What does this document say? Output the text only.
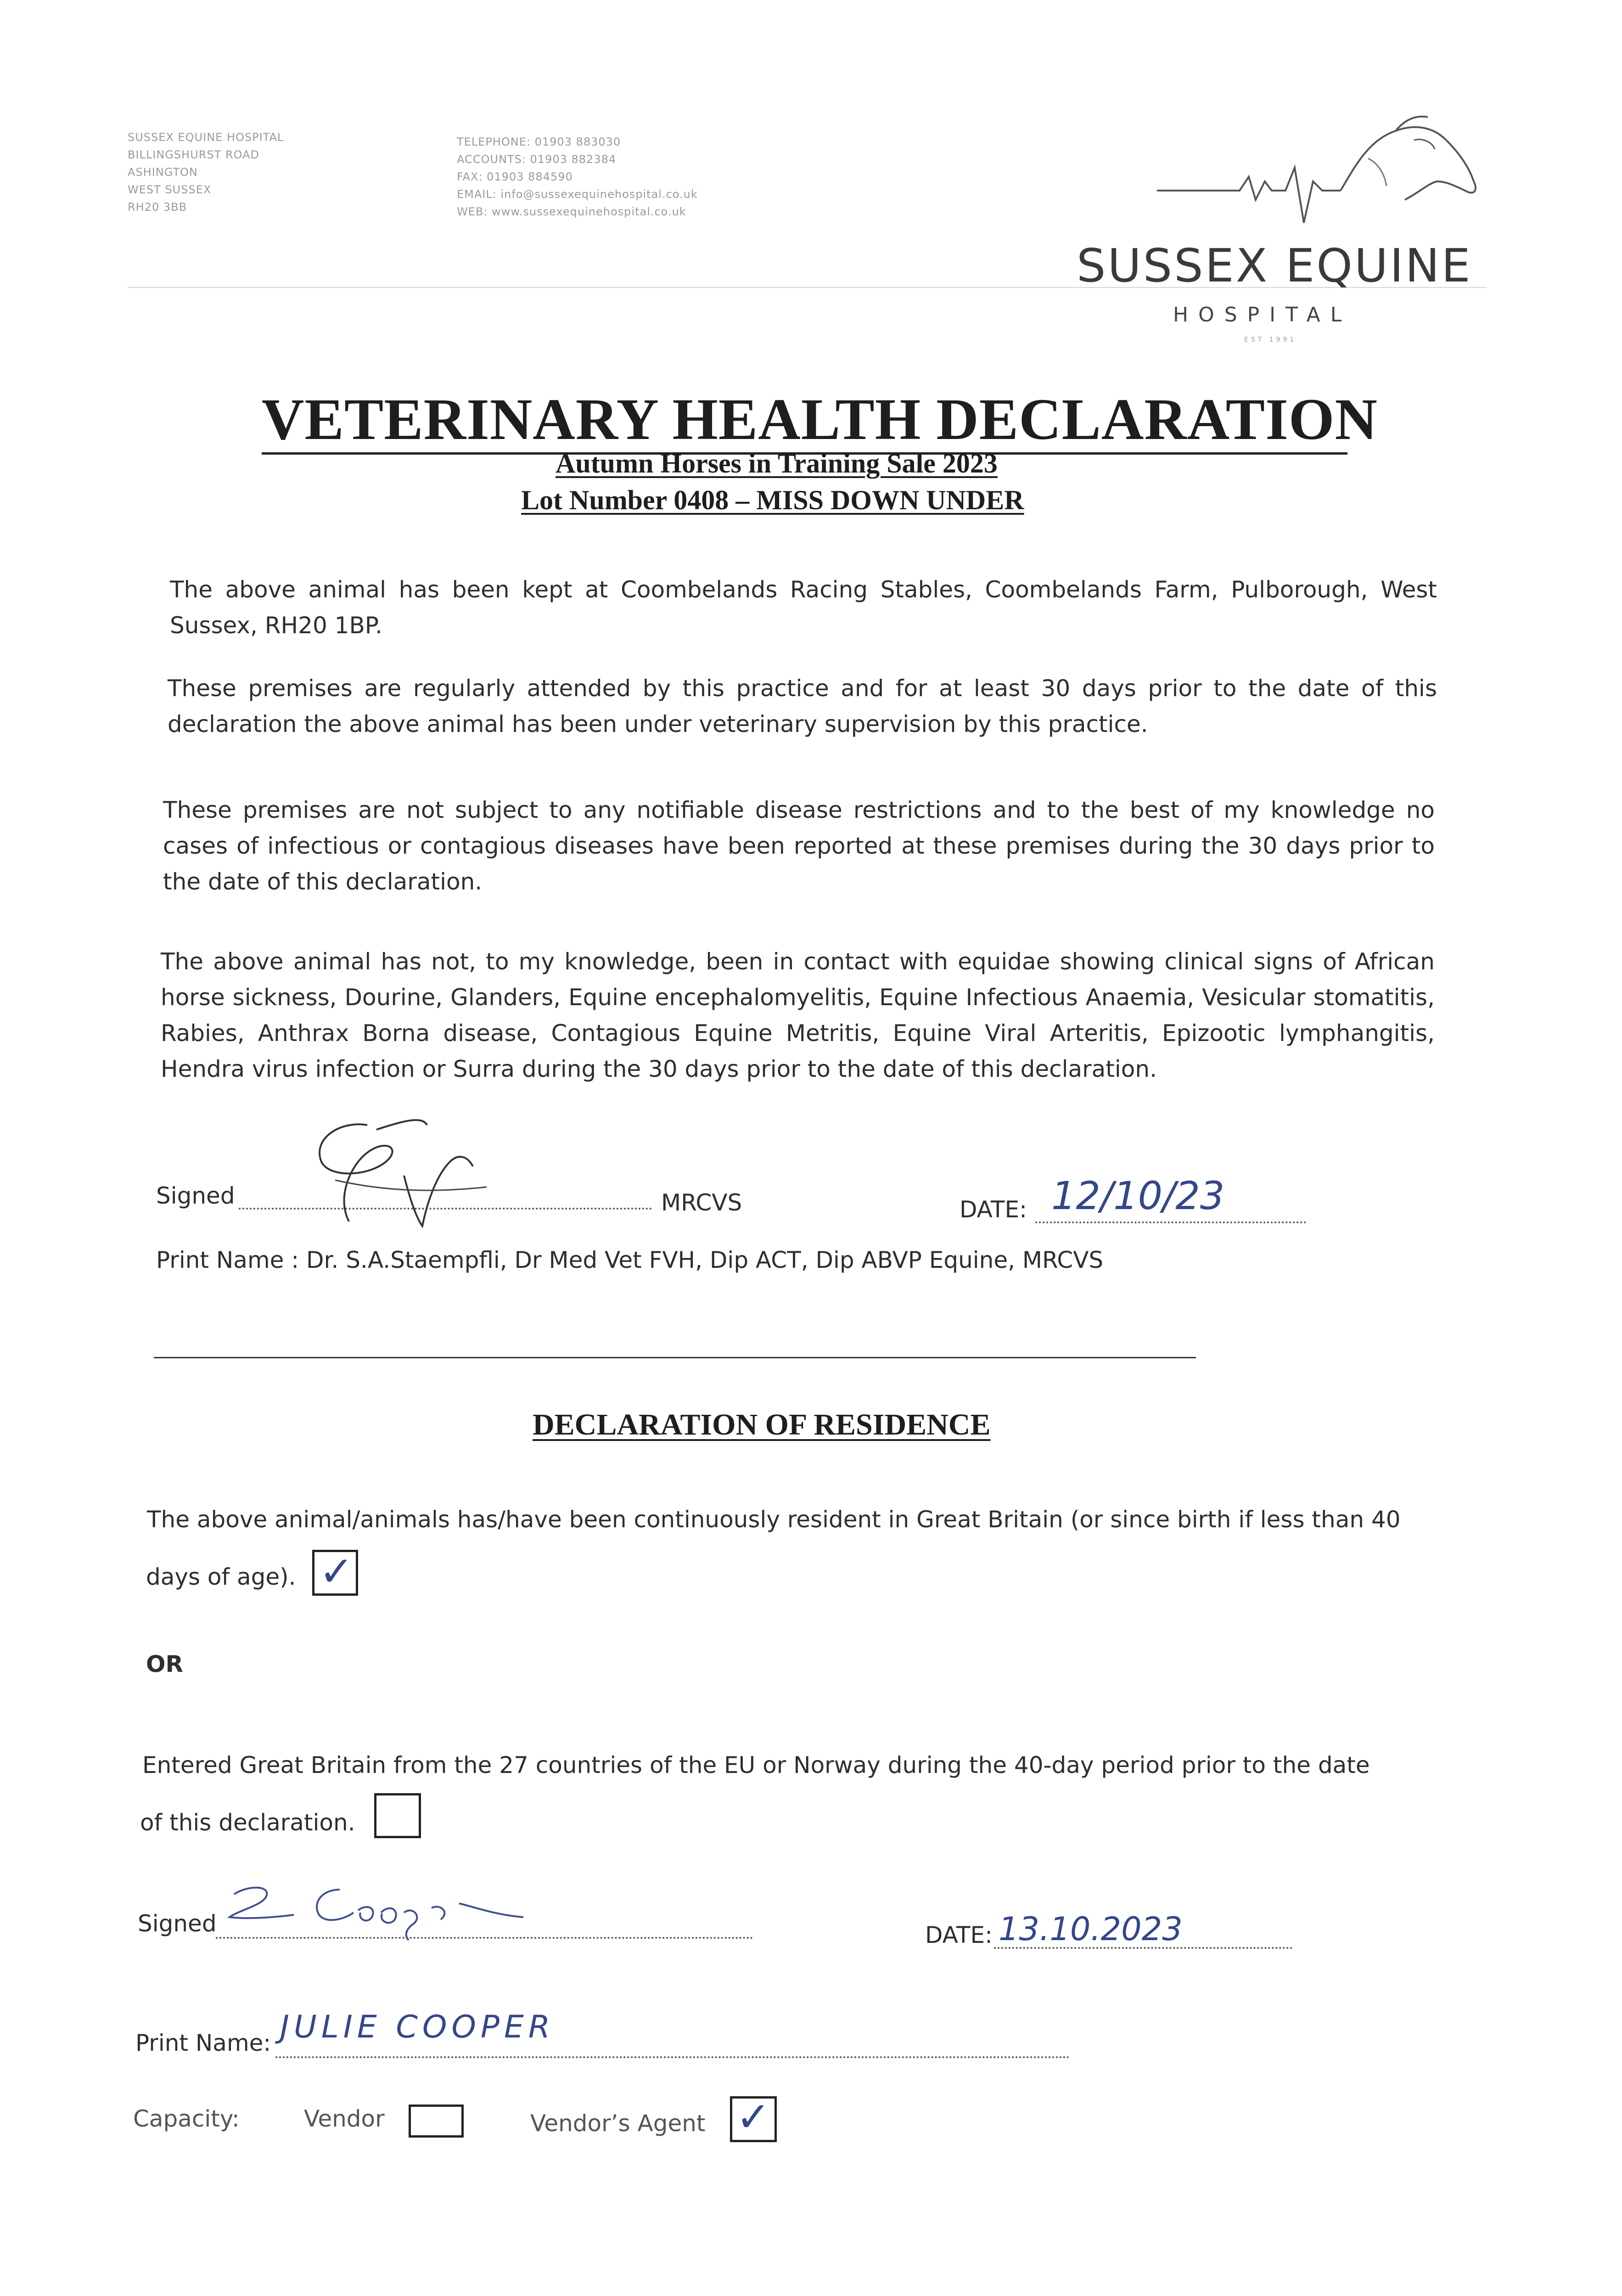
SUSSEX EQUINE HOSPITAL
BILLINGSHURST ROAD
ASHINGTON
WEST SUSSEX
RH20 3BB
TELEPHONE: 01903 883030
ACCOUNTS: 01903 882384
FAX: 01903 884590
EMAIL: info@sussexequinehospital.co.uk
WEB: www.sussexequinehospital.co.uk
SUSSEX EQUINE
HOSPITAL
EST 1991
VETERINARY HEALTH DECLARATION
Autumn Horses in Training Sale 2023
Lot Number 0408 – MISS DOWN UNDER
The above animal has been kept at Coombelands Racing Stables, Coombelands Farm, Pulborough, West Sussex, RH20 1BP.
These premises are regularly attended by this practice and for at least 30 days prior to the date of this declaration the above animal has been under veterinary supervision by this practice.
These premises are not subject to any notifiable disease restrictions and to the best of my knowledge no cases of infectious or contagious diseases have been reported at these premises during the 30 days prior to the date of this declaration.
The above animal has not, to my knowledge, been in contact with equidae showing clinical signs of African horse sickness, Dourine, Glanders, Equine encephalomyelitis, Equine Infectious Anaemia, Vesicular stomatitis, Rabies, Anthrax Borna disease, Contagious Equine Metritis, Equine Viral Arteritis, Epizootic lymphangitis, Hendra virus infection or Surra during the 30 days prior to the date of this declaration.
Signed	MRCVS	DATE: 12/10/23
Print Name : Dr. S.A.Staempfli, Dr Med Vet FVH, Dip ACT, Dip ABVP Equine, MRCVS
DECLARATION OF RESIDENCE
The above animal/animals has/have been continuously resident in Great Britain (or since birth if less than 40
days of age). ✓
OR
Entered Great Britain from the 27 countries of the EU or Norway during the 40-day period prior to the date
of this declaration.
Signed	DATE: 13.10.2023
Print Name: JULIE COOPER
Capacity:	Vendor	Vendor’s Agent ✓
